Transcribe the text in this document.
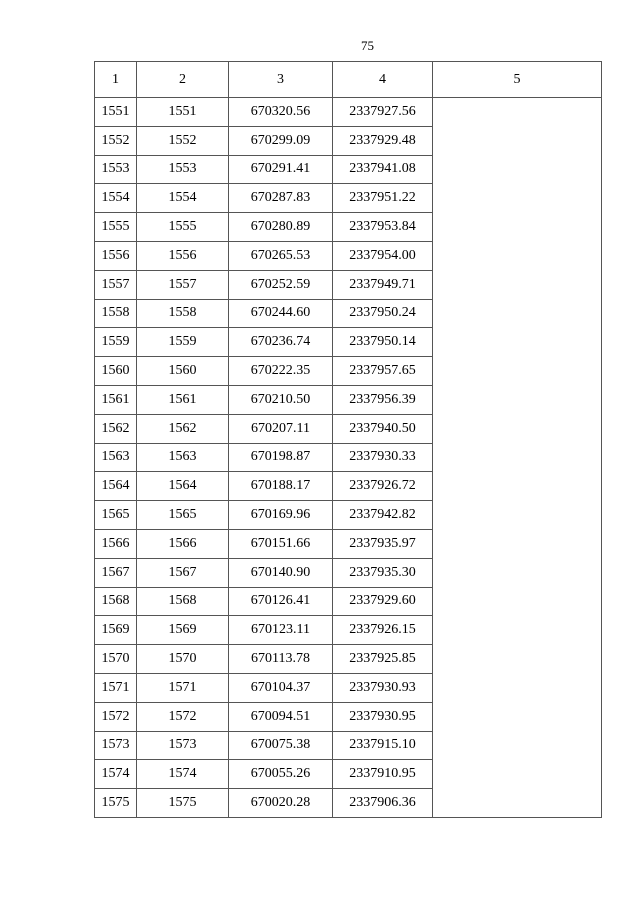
75
1	2	3	4	5
1551	1551	670320.56	2337927.56	
1552	1552	670299.09	2337929.48	
1553	1553	670291.41	2337941.08	
1554	1554	670287.83	2337951.22	
1555	1555	670280.89	2337953.84	
1556	1556	670265.53	2337954.00	
1557	1557	670252.59	2337949.71	
1558	1558	670244.60	2337950.24	
1559	1559	670236.74	2337950.14	
1560	1560	670222.35	2337957.65	
1561	1561	670210.50	2337956.39	
1562	1562	670207.11	2337940.50	
1563	1563	670198.87	2337930.33	
1564	1564	670188.17	2337926.72	
1565	1565	670169.96	2337942.82	
1566	1566	670151.66	2337935.97	
1567	1567	670140.90	2337935.30	
1568	1568	670126.41	2337929.60	
1569	1569	670123.11	2337926.15	
1570	1570	670113.78	2337925.85	
1571	1571	670104.37	2337930.93	
1572	1572	670094.51	2337930.95	
1573	1573	670075.38	2337915.10	
1574	1574	670055.26	2337910.95	
1575	1575	670020.28	2337906.36	
